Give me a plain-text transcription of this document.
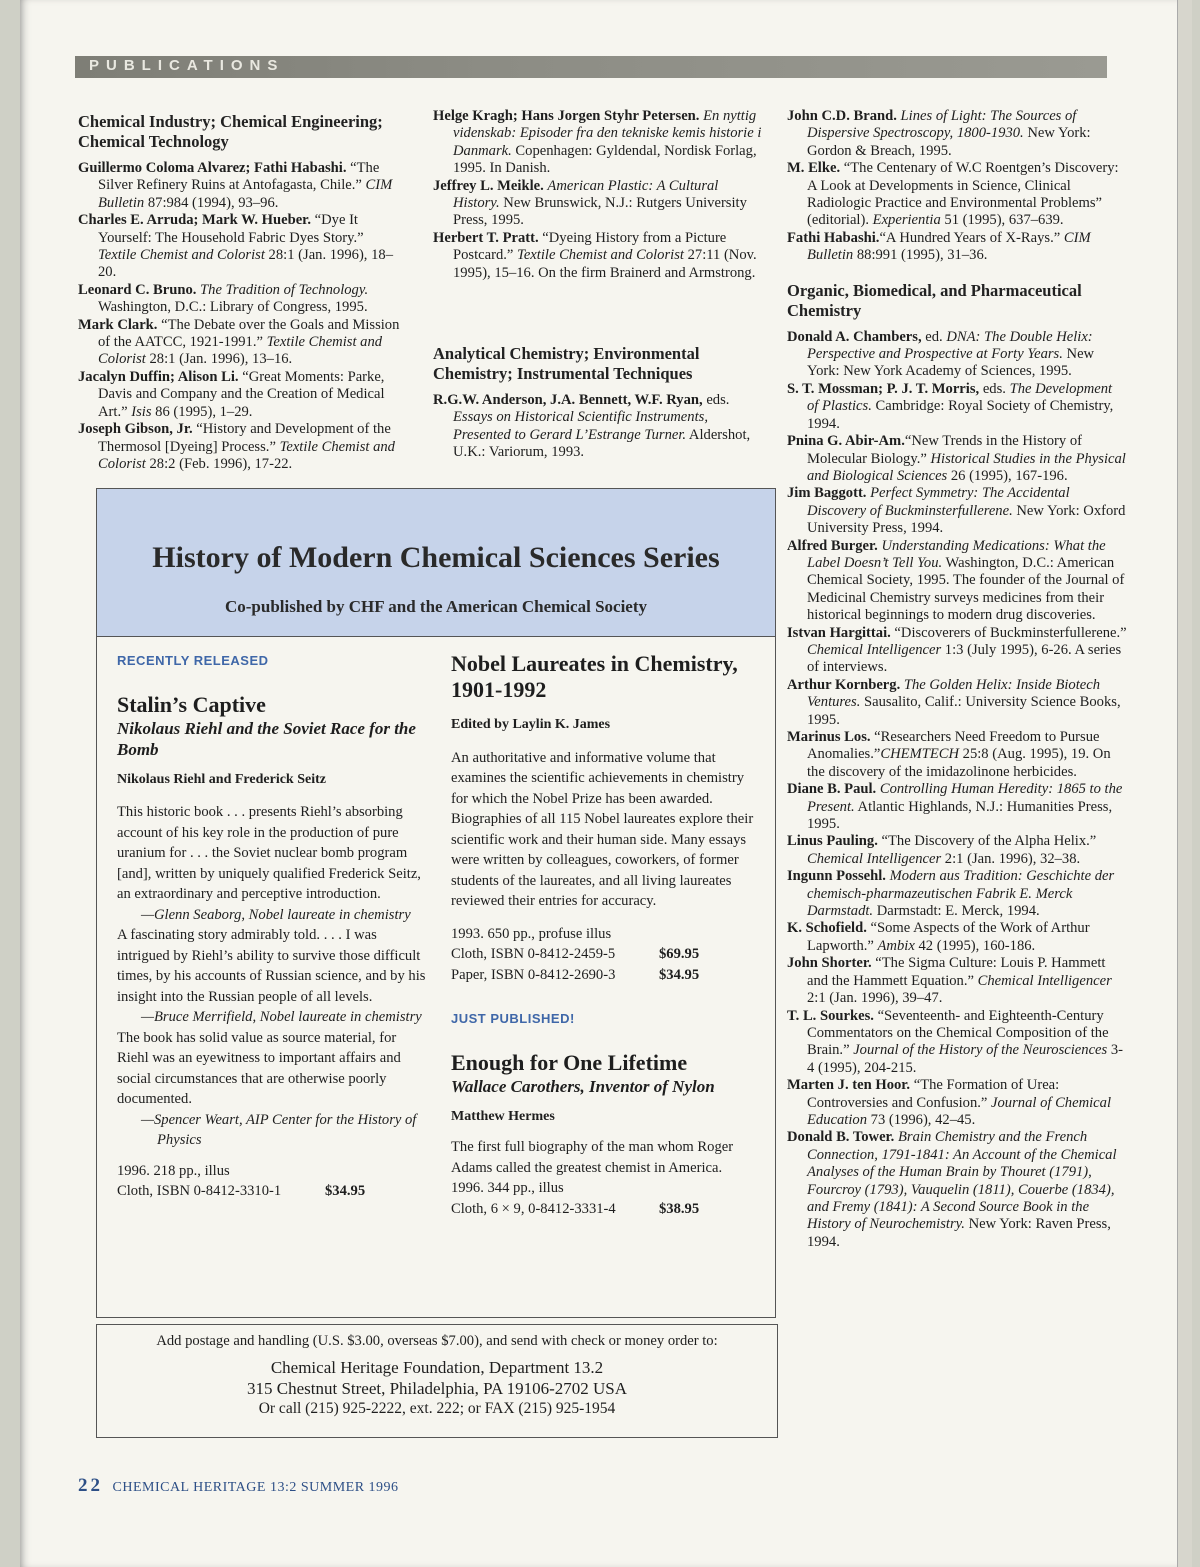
PUBLICATIONS
Chemical Industry; Chemical Engineering; Chemical Technology

Guillermo Coloma Alvarez; Fathi Habashi. “The Silver Refinery Ruins at Antofagasta, Chile.” CIM Bulletin 87:984 (1994), 93–96.

Charles E. Arruda; Mark W. Hueber. “Dye It Yourself: The Household Fabric Dyes Story.” Textile Chemist and Colorist 28:1 (Jan. 1996), 18–20.

Leonard C. Bruno. The Tradition of Technology. Washington, D.C.: Library of Congress, 1995.

Mark Clark. “The Debate over the Goals and Mission of the AATCC, 1921-1991.” Textile Chemist and Colorist 28:1 (Jan. 1996), 13–16.

Jacalyn Duffin; Alison Li. “Great Moments: Parke, Davis and Company and the Creation of Medical Art.” Isis 86 (1995), 1–29.

Joseph Gibson, Jr. “History and Development of the Thermosol [Dyeing] Process.” Textile Chemist and Colorist 28:2 (Feb. 1996), 17-22.

Helge Kragh; Hans Jorgen Styhr Petersen. En nyttig videnskab: Episoder fra den tekniske kemis historie i Danmark. Copenhagen: Gyldendal, Nordisk Forlag, 1995. In Danish.

Jeffrey L. Meikle. American Plastic: A Cultural History. New Brunswick, N.J.: Rutgers University Press, 1995.

Herbert T. Pratt. “Dyeing History from a Picture Postcard.” Textile Chemist and Colorist 27:11 (Nov. 1995), 15–16. On the firm Brainerd and Armstrong.

Analytical Chemistry; Environmental Chemistry; Instrumental Techniques

R.G.W. Anderson, J.A. Bennett, W.F. Ryan, eds. Essays on Historical Scientific Instruments, Presented to Gerard L’Estrange Turner. Aldershot, U.K.: Variorum, 1993.

John C.D. Brand. Lines of Light: The Sources of Dispersive Spectroscopy, 1800-1930. New York: Gordon & Breach, 1995.

M. Elke. “The Centenary of W.C Roentgen’s Discovery: A Look at Developments in Science, Clinical Radiologic Practice and Environmental Problems” (editorial). Experientia 51 (1995), 637–639.

Fathi Habashi.“A Hundred Years of X-Rays.” CIM Bulletin 88:991 (1995), 31–36.

Organic, Biomedical, and Pharmaceutical Chemistry

Donald A. Chambers, ed. DNA: The Double Helix: Perspective and Prospective at Forty Years. New York: New York Academy of Sciences, 1995.

S. T. Mossman; P. J. T. Morris, eds. The Development of Plastics. Cambridge: Royal Society of Chemistry, 1994.

Pnina G. Abir-Am.“New Trends in the History of Molecular Biology.” Historical Studies in the Physical and Biological Sciences 26 (1995), 167-196.

Jim Baggott. Perfect Symmetry: The Accidental Discovery of Buckminsterfullerene. New York: Oxford University Press, 1994.

Alfred Burger. Understanding Medications: What the Label Doesn’t Tell You. Washington, D.C.: American Chemical Society, 1995. The founder of the Journal of Medicinal Chemistry surveys medicines from their historical beginnings to modern drug discoveries.

Istvan Hargittai. “Discoverers of Buckminsterfullerene.” Chemical Intelligencer 1:3 (July 1995), 6-26. A series of interviews.

Arthur Kornberg. The Golden Helix: Inside Biotech Ventures. Sausalito, Calif.: University Science Books, 1995.

Marinus Los. “Researchers Need Freedom to Pursue Anomalies.”CHEMTECH 25:8 (Aug. 1995), 19. On the discovery of the imidazolinone herbicides.

Diane B. Paul. Controlling Human Heredity: 1865 to the Present. Atlantic Highlands, N.J.: Humanities Press, 1995.

Linus Pauling. “The Discovery of the Alpha Helix.” Chemical Intelligencer 2:1 (Jan. 1996), 32–38.

Ingunn Possehl. Modern aus Tradition: Geschichte der chemisch-pharmazeutischen Fabrik E. Merck Darmstadt. Darmstadt: E. Merck, 1994.

K. Schofield. “Some Aspects of the Work of Arthur Lapworth.” Ambix 42 (1995), 160-186.

John Shorter. “The Sigma Culture: Louis P. Hammett and the Hammett Equation.” Chemical Intelligencer 2:1 (Jan. 1996), 39–47.

T. L. Sourkes. “Seventeenth- and Eighteenth-Century Commentators on the Chemical Composition of the Brain.” Journal of the History of the Neurosciences 3-4 (1995), 204-215.

Marten J. ten Hoor. “The Formation of Urea: Controversies and Confusion.” Journal of Chemical Education 73 (1996), 42–45.

Donald B. Tower. Brain Chemistry and the French Connection, 1791-1841: An Account of the Chemical Analyses of the Human Brain by Thouret (1791), Fourcroy (1793), Vauquelin (1811), Couerbe (1834), and Fremy (1841): A Second Source Book in the History of Neurochemistry. New York: Raven Press, 1994.

History of Modern Chemical Sciences Series
Co-published by CHF and the American Chemical Society

RECENTLY RELEASED

Stalin’s Captive

Nikolaus Riehl and the Soviet Race for the Bomb

Nikolaus Riehl and Frederick Seitz

This historic book . . . presents Riehl’s absorbing account of his key role in the production of pure uranium for . . . the Soviet nuclear bomb program [and], written by uniquely qualified Frederick Seitz, an extraordinary and perceptive introduction.

—Glenn Seaborg, Nobel laureate in chemistry

A fascinating story admirably told. . . . I was intrigued by Riehl’s ability to survive those difficult times, by his accounts of Russian science, and by his insight into the Russian people of all levels.

—Bruce Merrifield, Nobel laureate in chemistry

The book has solid value as source material, for Riehl was an eyewitness to important affairs and social circumstances that are otherwise poorly documented.

—Spencer Weart, AIP Center for the History of Physics

1996. 218 pp., illus

Cloth, ISBN 0-8412-3310-1	$34.95

Nobel Laureates in Chemistry, 1901-1992

Edited by Laylin K. James

An authoritative and informative volume that examines the scientific achievements in chemistry for which the Nobel Prize has been awarded. Biographies of all 115 Nobel laureates explore their scientific work and their human side. Many essays were written by colleagues, coworkers, of former students of the laureates, and all living laureates reviewed their entries for accuracy.

1993. 650 pp., profuse illus

Cloth, ISBN 0-8412-2459-5	$69.95
Paper, ISBN 0-8412-2690-3	$34.95

JUST PUBLISHED!

Enough for One Lifetime

Wallace Carothers, Inventor of Nylon

Matthew Hermes

The first full biography of the man whom Roger Adams called the greatest chemist in America.

1996. 344 pp., illus

Cloth, 6 × 9, 0-8412-3331-4	$38.95
Add postage and handling (U.S. $3.00, overseas $7.00), and send with check or money order to:
Chemical Heritage Foundation, Department 13.2
315 Chestnut Street, Philadelphia, PA 19106-2702 USA
Or call (215) 925-2222, ext. 222; or FAX (215) 925-1954
22 CHEMICAL HERITAGE 13:2 SUMMER 1996
